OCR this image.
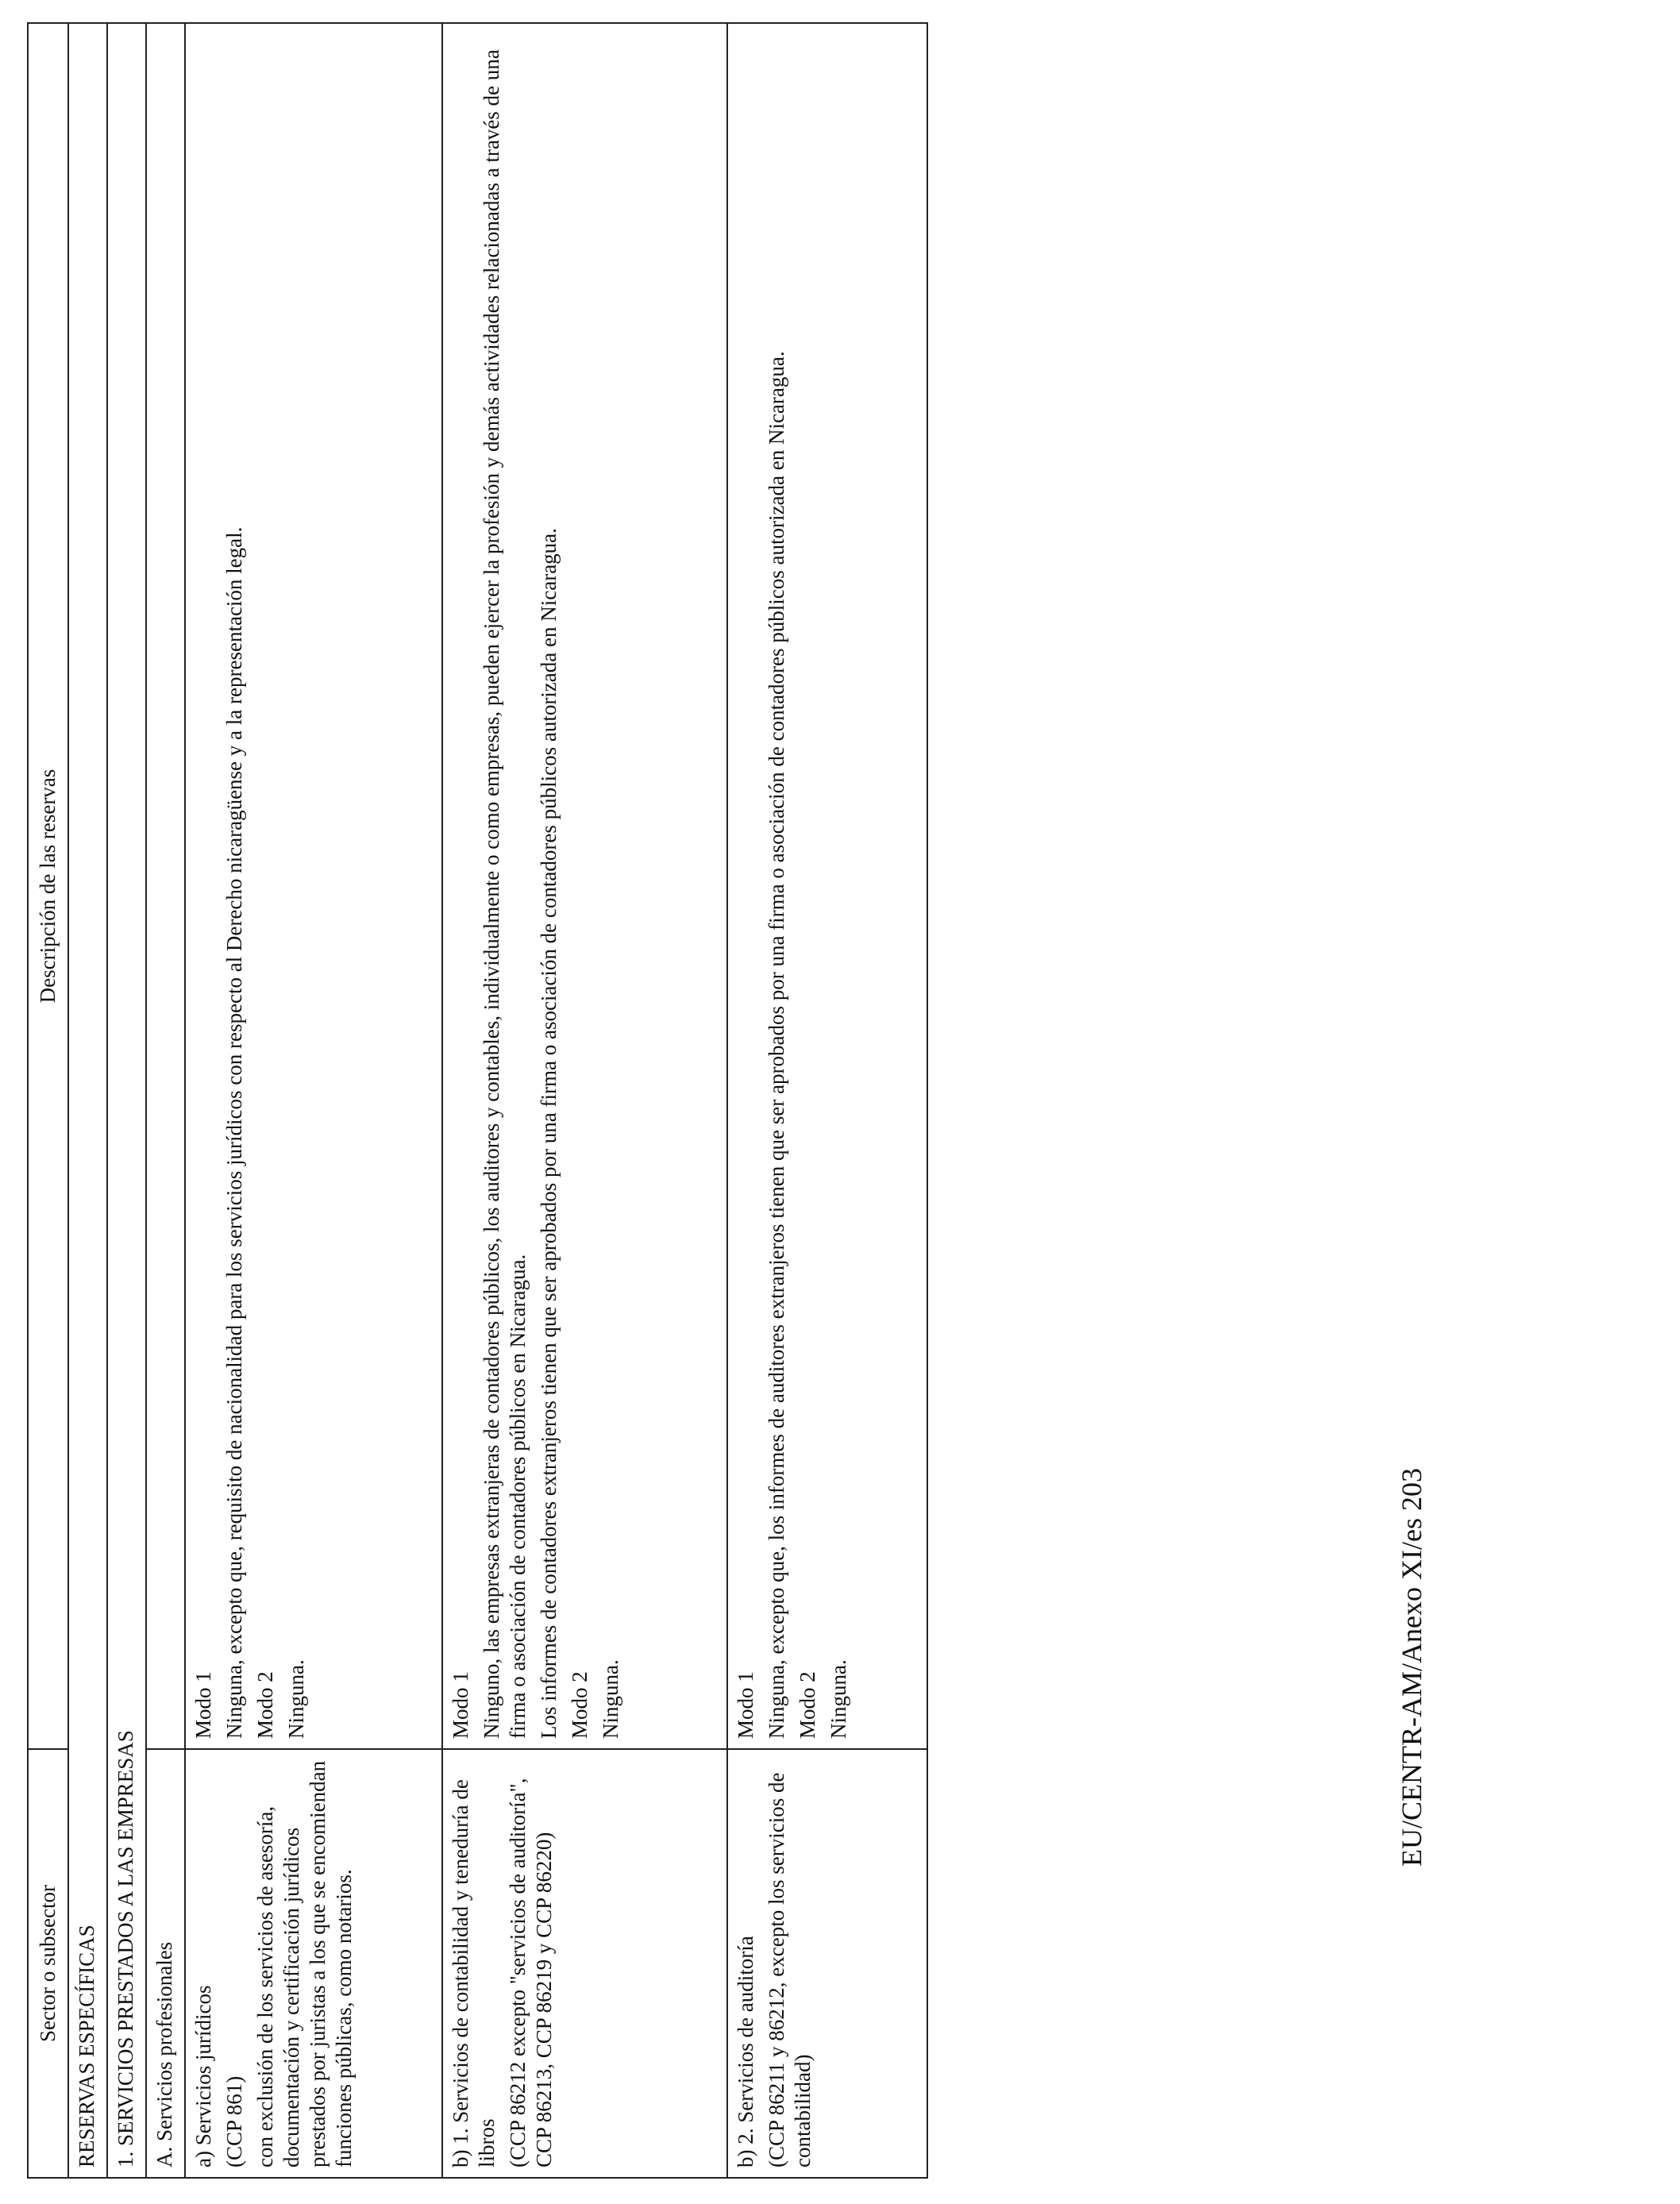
Sector o subsector	Descripción de las reservas
RESERVAS ESPECÍFICAS	
1. SERVICIOS PRESTADOS A LAS EMPRESAS	
A. Servicios profesionales	

a) Servicios jurídicos (CCP 861) con exclusión de los servicios de asesoría, documentación y certificación jurídicos prestados por juristas a los que se encomiendan funciones públicas, como notarios.	Modo 1 Ninguna, excepto que, requisito de nacionalidad para los servicios jurídicos con respecto al Derecho nicaragüense y a la representación legal. Modo 2 Ninguna.

b) 1. Servicios de contabilidad y teneduría de libros (CCP 86212 excepto "servicios de auditoría", CCP 86213, CCP 86219 y CCP 86220)	Modo 1 Ninguno, las empresas extranjeras de contadores públicos, los auditores y contables, individualmente o como empresas, pueden ejercer la profesión y demás actividades relacionadas a través de una firma o asociación de contadores públicos en Nicaragua. Los informes de contadores extranjeros tienen que ser aprobados por una firma o asociación de contadores públicos autorizada en Nicaragua. Modo 2 Ninguna.

b) 2. Servicios de auditoría (CCP 86211 y 86212, excepto los servicios de contabilidad)	Modo 1 Ninguna, excepto que, los informes de auditores extranjeros tienen que ser aprobados por una firma o asociación de contadores públicos autorizada en Nicaragua. Modo 2 Ninguna.	EU/CENTR-AM/Anexo XI/es 203
